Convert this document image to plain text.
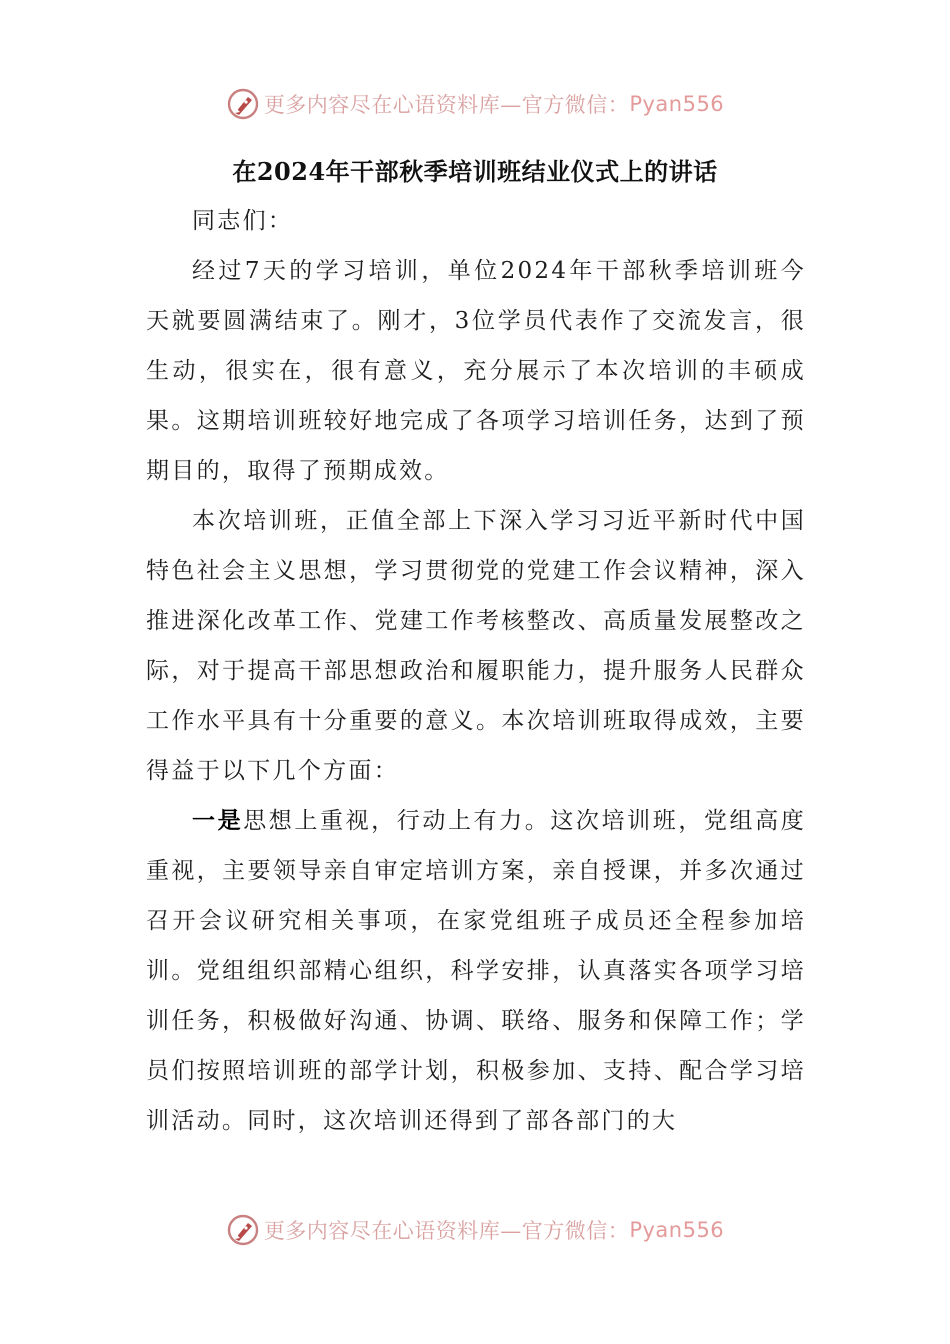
更多内容尽在心语资料库—官方微信： Pyan556
在2024年干部秋季培训班结业仪式上的讲话

同志们：

经过7天的学习培训，单位2024年干部秋季培训班今天就要圆满结束了。刚才，3位学员代表作了交流发言，很生动，很实在，很有意义，充分展示了本次培训的丰硕成果。这期培训班较好地完成了各项学习培训任务，达到了预期目的，取得了预期成效。

本次培训班，正值全部上下深入学习习近平新时代中国特色社会主义思想，学习贯彻党的党建工作会议精神，深入推进深化改革工作、党建工作考核整改、高质量发展整改之际，对于提高干部思想政治和履职能力，提升服务人民群众工作水平具有十分重要的意义。本次培训班取得成效，主要得益于以下几个方面：

一是思想上重视，行动上有力。这次培训班，党组高度重视，主要领导亲自审定培训方案，亲自授课，并多次通过召开会议研究相关事项，在家党组班子成员还全程参加培训。党组组织部精心组织，科学安排，认真落实各项学习培训任务，积极做好沟通、协调、联络、服务和保障工作；学员们按照培训班的部学计划，积极参加、支持、配合学习培训活动。同时，这次培训还得到了部各部门的大

更多内容尽在心语资料库—官方微信： Pyan556
